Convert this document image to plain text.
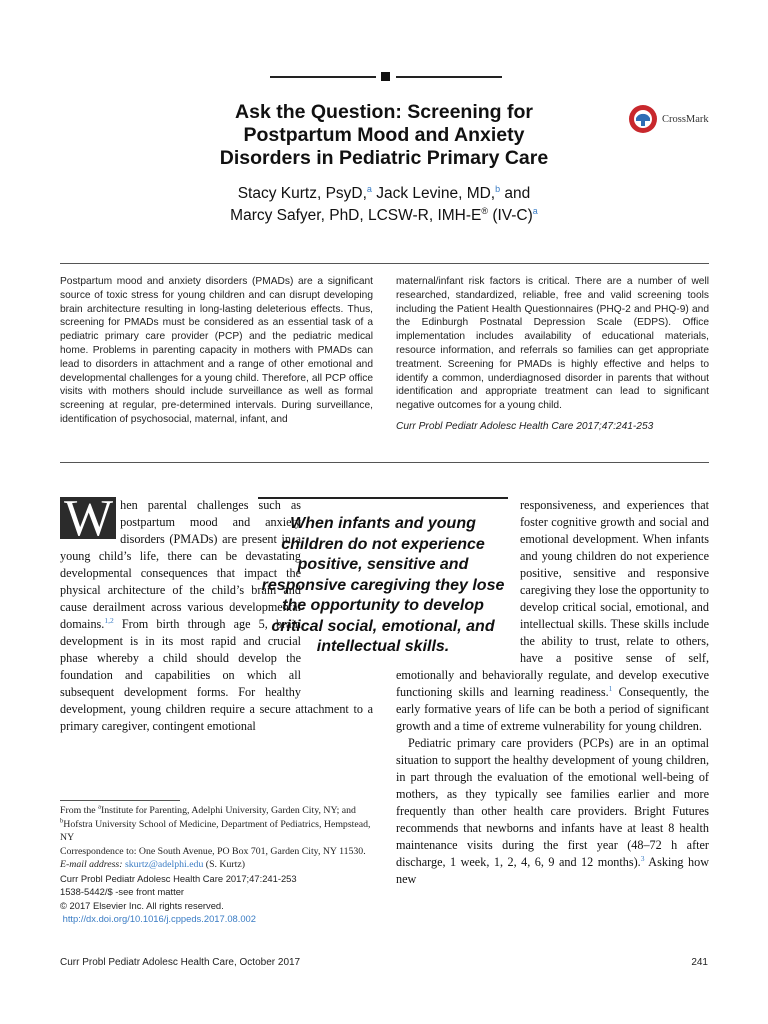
Ask the Question: Screening for
Postpartum Mood and Anxiety
Disorders in Pediatric Primary Care
CrossMark
Stacy Kurtz, PsyD,$^a$ Jack Levine, MD,$^b$ and
Marcy Safyer, PhD, LCSW-R, IMH-E® $(IV-C)^a$
Postpartum mood and anxiety disorders (PMADs) are a significant source of toxic stress for young children and can disrupt developing brain architecture resulting in long-lasting deleterious effects. Thus, screening for PMADs must be considered as an essential task of a pediatric primary care provider (PCP) and the pediatric medical home. Problems in parenting capacity in mothers with PMADs can lead to disorders in attachment and a range of other emotional and developmental challenges for a young child. Therefore, all PCP office visits with mothers should include surveillance as well as formal screening at regular, pre-determined intervals. During surveillance, identification of psychosocial, maternal, infant, and
maternal/infant risk factors is critical. There are a number of well researched, standardized, reliable, free and valid screening tools including the Patient Health Questionnaires (PHQ-2 and PHQ-9) and the Edinburgh Postnatal Depression Scale (EDPS). Office implementation includes availability of educational materials, resource information, and referrals so families can get appropriate treatment. Screening for PMADs is highly effective and helps to identify a common, underdiagnosed disorder in parents that without identification and appropriate treatment can lead to significant negative outcomes for a young child.
Curr Probl Pediatr Adolesc Health Care 2017;47:241-253
When infants and young children do not experience positive, sensitive and responsive caregiving they lose the opportunity to develop critical social, emotional, and intellectual skills.
W hen parental challenges such as postpartum mood and anxiety disorders (PMADs) are present in a young child’s life, there can be devastating developmental consequences that impact the physical architecture of the child’s brain and cause derailment across various developmental domains.$^{1,2}$ From birth through age 5, brain development is in its most rapid and crucial phase whereby a child should develop the foundation and capabilities on which all subsequent development forms. For healthy development, young children require a secure attachment to a primary caregiver, contingent emotional
responsiveness, and experiences that foster cognitive growth and social and emotional development. When infants and young children do not experience positive, sensitive and responsive caregiving they lose the opportunity to develop critical social, emotional, and intellectual skills. These skills include the ability to trust, relate to others, have a positive sense of self, emotionally and behaviorally regulate, and develop executive functioning skills and learning readiness.$^1$ Consequently, the early formative years of life can be both a period of significant growth and a time of extreme vulnerability for young children.
Pediatric primary care providers (PCPs) are in an optimal situation to support the healthy development of young children, in part through the evaluation of the emotional well-being of mothers, as they typically see families earlier and more frequently than other health care providers. Bright Futures recommends that newborns and infants have at least 8 health maintenance visits during the first year (48–72 h after discharge, 1 week, 1, 2, 4, 6, 9 and 12 months).$^3$ Asking how new
From the $^a$Institute for Parenting, Adelphi University, Garden City, NY; and $^b$Hofstra University School of Medicine, Department of Pediatrics, Hempstead, NY
Correspondence to: One South Avenue, PO Box 701, Garden City, NY 11530. E-mail address: skurtz@adelphi.edu (S. Kurtz)
Curr Probl Pediatr Adolesc Health Care 2017;47:241-253
1538-5442/$ -see front matter
© 2017 Elsevier Inc. All rights reserved.
http://dx.doi.org/10.1016/j.cppeds.2017.08.002
Curr Probl Pediatr Adolesc Health Care, October 2017	241
